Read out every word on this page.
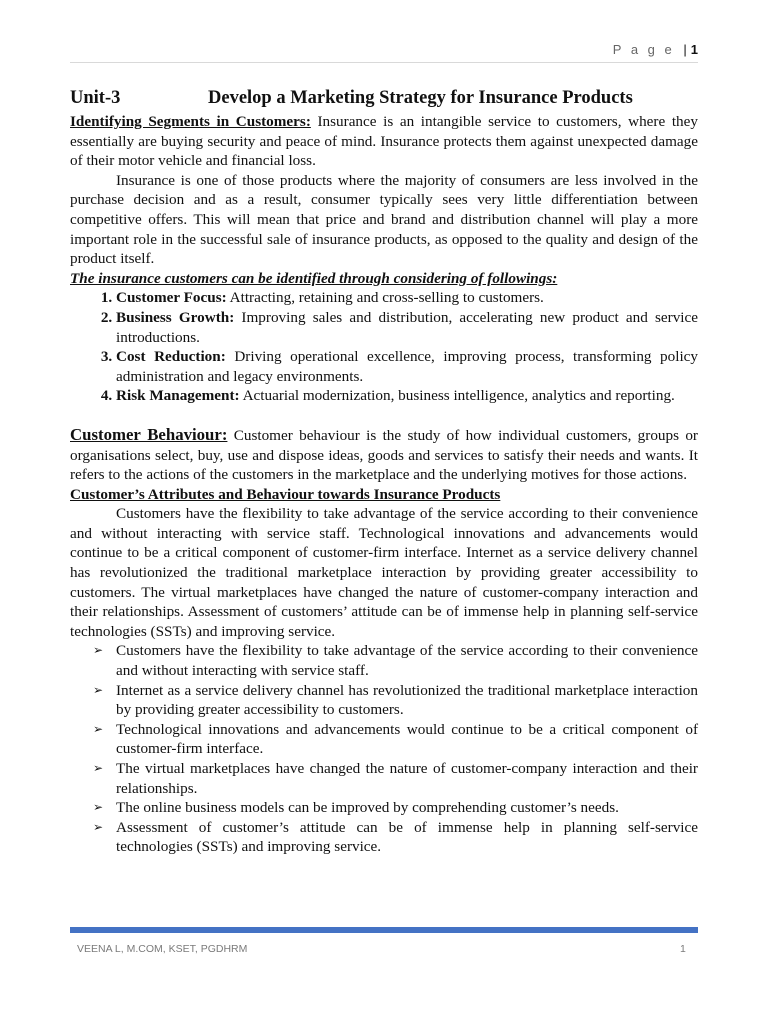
P a g e | 1
Unit-3	Develop a Marketing Strategy for Insurance Products

Identifying Segments in Customers: Insurance is an intangible service to customers, where they essentially are buying security and peace of mind. Insurance protects them against unexpected damage of their motor vehicle and financial loss.

Insurance is one of those products where the majority of consumers are less involved in the purchase decision and as a result, consumer typically sees very little differentiation between competitive offers. This will mean that price and brand and distribution channel will play a more important role in the successful sale of insurance products, as opposed to the quality and design of the product itself.

The insurance customers can be identified through considering of followings:

1. Customer Focus: Attracting, retaining and cross-selling to customers.
2. Business Growth: Improving sales and distribution, accelerating new product and service introductions.
3. Cost Reduction: Driving operational excellence, improving process, transforming policy administration and legacy environments.
4. Risk Management: Actuarial modernization, business intelligence, analytics and reporting.

Customer Behaviour: Customer behaviour is the study of how individual customers, groups or organisations select, buy, use and dispose ideas, goods and services to satisfy their needs and wants. It refers to the actions of the customers in the marketplace and the underlying motives for those actions.

Customer’s Attributes and Behaviour towards Insurance Products

Customers have the flexibility to take advantage of the service according to their convenience and without interacting with service staff. Technological innovations and advancements would continue to be a critical component of customer-firm interface. Internet as a service delivery channel has revolutionized the traditional marketplace interaction by providing greater accessibility to customers. The virtual marketplaces have changed the nature of customer-company interaction and their relationships. Assessment of customers’ attitude can be of immense help in planning self-service technologies (SSTs) and improving service.

➢ Customers have the flexibility to take advantage of the service according to their convenience and without interacting with service staff.
➢ Internet as a service delivery channel has revolutionized the traditional marketplace interaction by providing greater accessibility to customers.
➢ Technological innovations and advancements would continue to be a critical component of customer-firm interface.
➢ The virtual marketplaces have changed the nature of customer-company interaction and their relationships.
➢ The online business models can be improved by comprehending customer’s needs.
➢ Assessment of customer’s attitude can be of immense help in planning self-service technologies (SSTs) and improving service.
VEENA L, M.COM, KSET, PGDHRM	1
